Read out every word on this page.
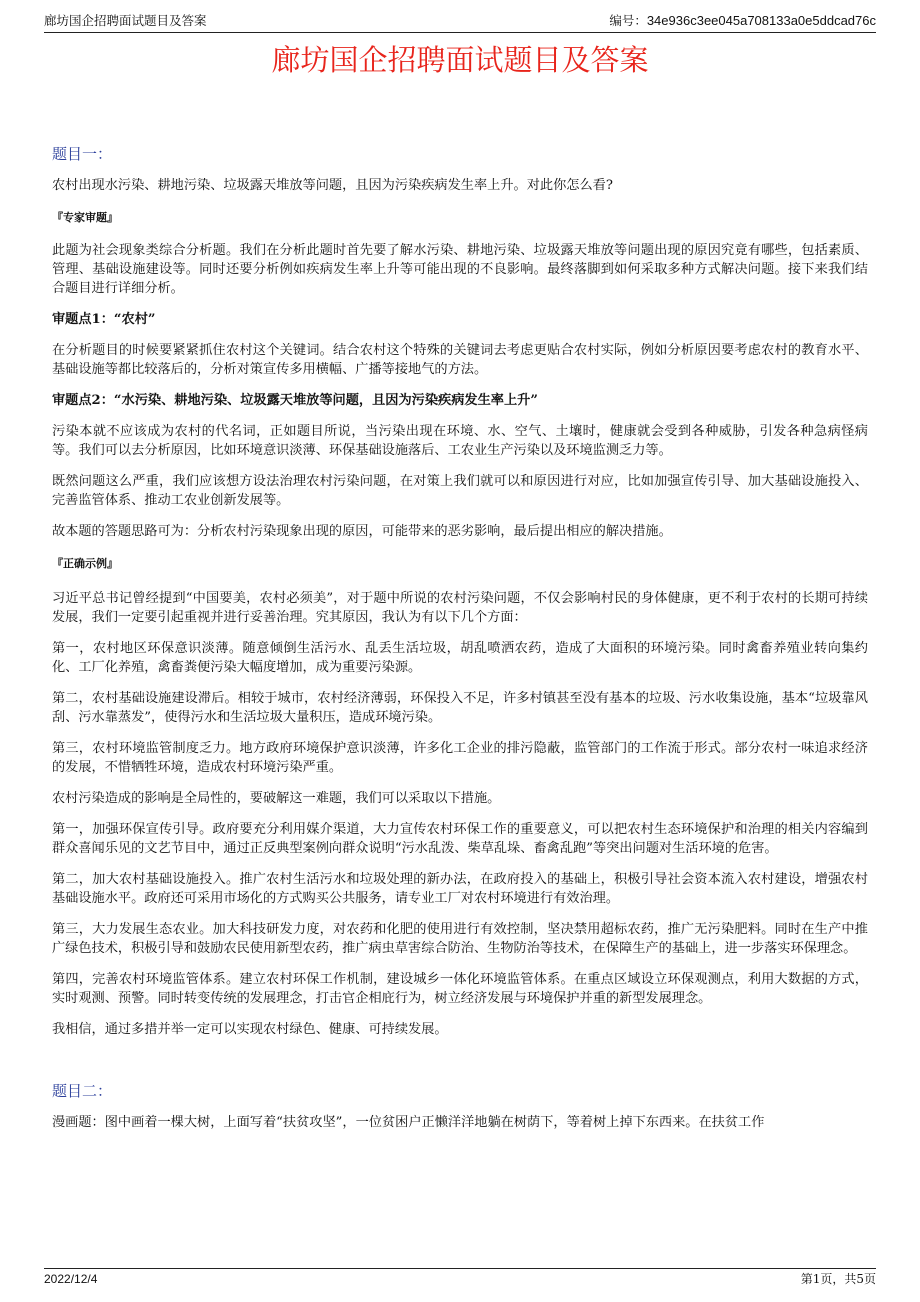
廊坊国企招聘面试题目及答案	编号：34e936c3ee045a708133a0e5ddcad76c
廊坊国企招聘面试题目及答案
题目一：

农村出现水污染、耕地污染、垃圾露天堆放等问题，且因为污染疾病发生率上升。对此你怎么看?

『专家审题』

此题为社会现象类综合分析题。我们在分析此题时首先要了解水污染、耕地污染、垃圾露天堆放等问题出现的原因究竟有哪些，包括素质、管理、基础设施建设等。同时还要分析例如疾病发生率上升等可能出现的不良影响。最终落脚到如何采取多种方式解决问题。接下来我们结合题目进行详细分析。

审题点1：“农村”

在分析题目的时候要紧紧抓住农村这个关键词。结合农村这个特殊的关键词去考虑更贴合农村实际，例如分析原因要考虑农村的教育水平、基础设施等都比较落后的，分析对策宣传多用横幅、广播等接地气的方法。

审题点2：“水污染、耕地污染、垃圾露天堆放等问题，且因为污染疾病发生率上升”

污染本就不应该成为农村的代名词，正如题目所说，当污染出现在环境、水、空气、土壤时，健康就会受到各种威胁，引发各种急病怪病等。我们可以去分析原因，比如环境意识淡薄、环保基础设施落后、工农业生产污染以及环境监测乏力等。

既然问题这么严重，我们应该想方设法治理农村污染问题，在对策上我们就可以和原因进行对应，比如加强宣传引导、加大基础设施投入、完善监管体系、推动工农业创新发展等。

故本题的答题思路可为：分析农村污染现象出现的原因，可能带来的恶劣影响，最后提出相应的解决措施。

『正确示例』

习近平总书记曾经提到“中国要美，农村必须美”，对于题中所说的农村污染问题，不仅会影响村民的身体健康，更不利于农村的长期可持续发展，我们一定要引起重视并进行妥善治理。究其原因，我认为有以下几个方面：

第一，农村地区环保意识淡薄。随意倾倒生活污水、乱丢生活垃圾，胡乱喷洒农药，造成了大面积的环境污染。同时禽畜养殖业转向集约化、工厂化养殖，禽畜粪便污染大幅度增加，成为重要污染源。

第二，农村基础设施建设滞后。相较于城市，农村经济薄弱，环保投入不足，许多村镇甚至没有基本的垃圾、污水收集设施，基本“垃圾靠风刮、污水靠蒸发”，使得污水和生活垃圾大量积压，造成环境污染。

第三，农村环境监管制度乏力。地方政府环境保护意识淡薄，许多化工企业的排污隐蔽，监管部门的工作流于形式。部分农村一味追求经济的发展，不惜牺牲环境，造成农村环境污染严重。

农村污染造成的影响是全局性的，要破解这一难题，我们可以采取以下措施。

第一，加强环保宣传引导。政府要充分利用媒介渠道，大力宣传农村环保工作的重要意义，可以把农村生态环境保护和治理的相关内容编到群众喜闻乐见的文艺节目中，通过正反典型案例向群众说明“污水乱泼、柴草乱垛、畜禽乱跑”等突出问题对生活环境的危害。

第二，加大农村基础设施投入。推广农村生活污水和垃圾处理的新办法，在政府投入的基础上，积极引导社会资本流入农村建设，增强农村基础设施水平。政府还可采用市场化的方式购买公共服务，请专业工厂对农村环境进行有效治理。

第三，大力发展生态农业。加大科技研发力度，对农药和化肥的使用进行有效控制，坚决禁用超标农药，推广无污染肥料。同时在生产中推广绿色技术，积极引导和鼓励农民使用新型农药，推广病虫草害综合防治、生物防治等技术，在保障生产的基础上，进一步落实环保理念。

第四，完善农村环境监管体系。建立农村环保工作机制，建设城乡一体化环境监管体系。在重点区域设立环保观测点，利用大数据的方式，实时观测、预警。同时转变传统的发展理念，打击官企相庇行为，树立经济发展与环境保护并重的新型发展理念。

我相信，通过多措并举一定可以实现农村绿色、健康、可持续发展。

题目二：

漫画题：图中画着一棵大树，上面写着“扶贫攻坚”，一位贫困户正懒洋洋地躺在树荫下，等着树上掉下东西来。在扶贫工作

2022/12/4	第1页，共5页
